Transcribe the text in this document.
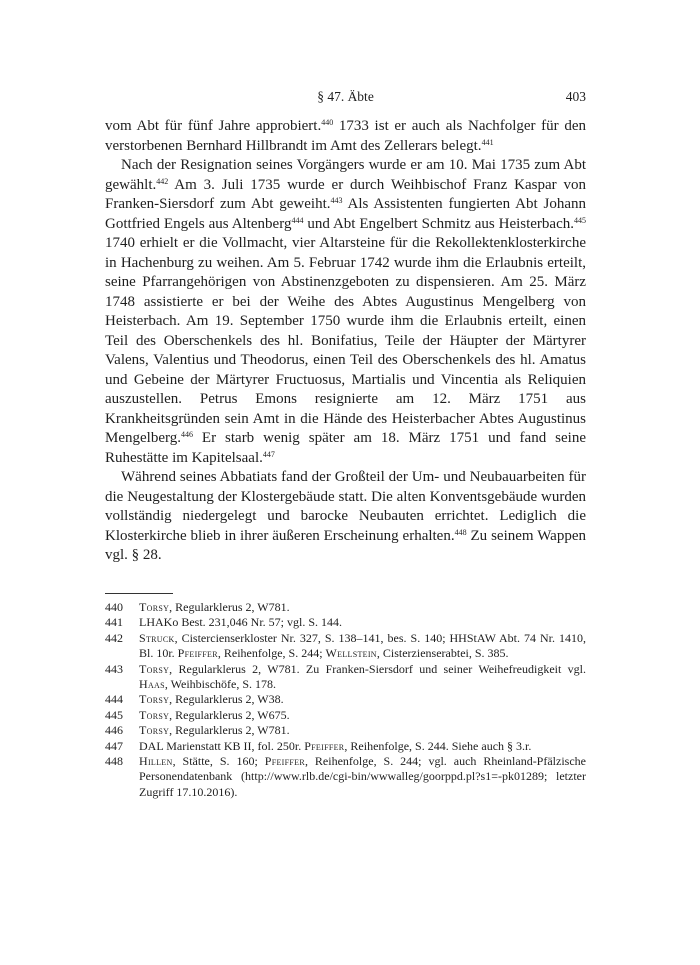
§ 47. Äbte	403

vom Abt für fünf Jahre approbiert.$^{440}$ 1733 ist er auch als Nachfolger für den verstorbenen Bernhard Hillbrandt im Amt des Zellerars belegt.$^{441}$

Nach der Resignation seines Vorgängers wurde er am 10. Mai 1735 zum Abt gewählt.$^{442}$ Am 3. Juli 1735 wurde er durch Weihbischof Franz Kaspar von Franken-Siersdorf zum Abt geweiht.$^{443}$ Als Assistenten fungierten Abt Johann Gottfried Engels aus Altenberg$^{444}$ und Abt Engelbert Schmitz aus Heisterbach.$^{445}$ 1740 erhielt er die Vollmacht, vier Altarsteine für die Rekollektenklosterkirche in Hachenburg zu weihen. Am 5. Februar 1742 wurde ihm die Erlaubnis erteilt, seine Pfarrangehörigen von Abstinenzgeboten zu dispensieren. Am 25. März 1748 assistierte er bei der Weihe des Abtes Augustinus Mengelberg von Heisterbach. Am 19. September 1750 wurde ihm die Erlaubnis erteilt, einen Teil des Oberschenkels des hl. Bonifatius, Teile der Häupter der Märtyrer Valens, Valentius und Theodorus, einen Teil des Oberschenkels des hl. Amatus und Gebeine der Märtyrer Fructuosus, Martialis und Vincentia als Reliquien auszustellen. Petrus Emons resignierte am 12. März 1751 aus Krankheitsgründen sein Amt in die Hände des Heisterbacher Abtes Augustinus Mengelberg.$^{446}$ Er starb wenig später am 18. März 1751 und fand seine Ruhestätte im Kapitelsaal.$^{447}$

Während seines Abbatiats fand der Großteil der Um- und Neubauarbeiten für die Neugestaltung der Klostergebäude statt. Die alten Konventsgebäude wurden vollständig niedergelegt und barocke Neubauten errichtet. Lediglich die Klosterkirche blieb in ihrer äußeren Erscheinung erhalten.$^{448}$ Zu seinem Wappen vgl. § 28.

440	Torsy, Regularklerus 2, W781.
441	LHAKo Best. 231,046 Nr. 57; vgl. S. 144.
442	Struck, Cistercienserkloster Nr. 327, S. 138–141, bes. S. 140; HHStAW Abt. 74 Nr. 1410, Bl. 10r. Pfeiffer, Reihenfolge, S. 244; Wellstein, Cisterzienserabtei, S. 385.
443	Torsy, Regularklerus 2, W781. Zu Franken-Siersdorf und seiner Weihefreudigkeit vgl. Haas, Weihbischöfe, S. 178.
444	Torsy, Regularklerus 2, W38.
445	Torsy, Regularklerus 2, W675.
446	Torsy, Regularklerus 2, W781.
447	DAL Marienstatt KB II, fol. 250r. Pfeiffer, Reihenfolge, S. 244. Siehe auch § 3.r.
448	Hillen, Stätte, S. 160; Pfeiffer, Reihenfolge, S. 244; vgl. auch Rheinland-Pfälzische Personendatenbank (http://www.rlb.de/cgi-bin/wwwalleg/goorppd.pl?s1=-pk01289; letzter Zugriff 17.10.2016).
